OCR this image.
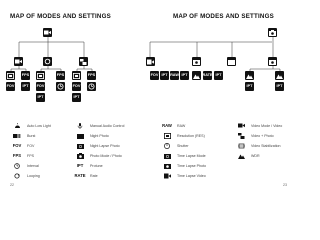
MAP OF MODES AND SETTINGS
FPS	FPS	FPS
FOV	IPT	FOV	FOV
IPT	IPT
Auto Low Light
Burst
FOV FOV
FPS FPS
Interval
Looping
Manual Audio Control
Night Photo
Night Lapse Photo
Photo Mode / Photo
IPT	Protune
RATE Rate
22
MAP OF MODES AND SETTINGS
FOV IPT RAW IPT	RATE IPT
IPT	IPT
RAW RAW
Resolution (RES)
Shutter
Time Lapse Mode
Time Lapse Photo
Time Lapse Video
Video Mode / Video
Video + Photo
Video Stabilization
WDR
23
